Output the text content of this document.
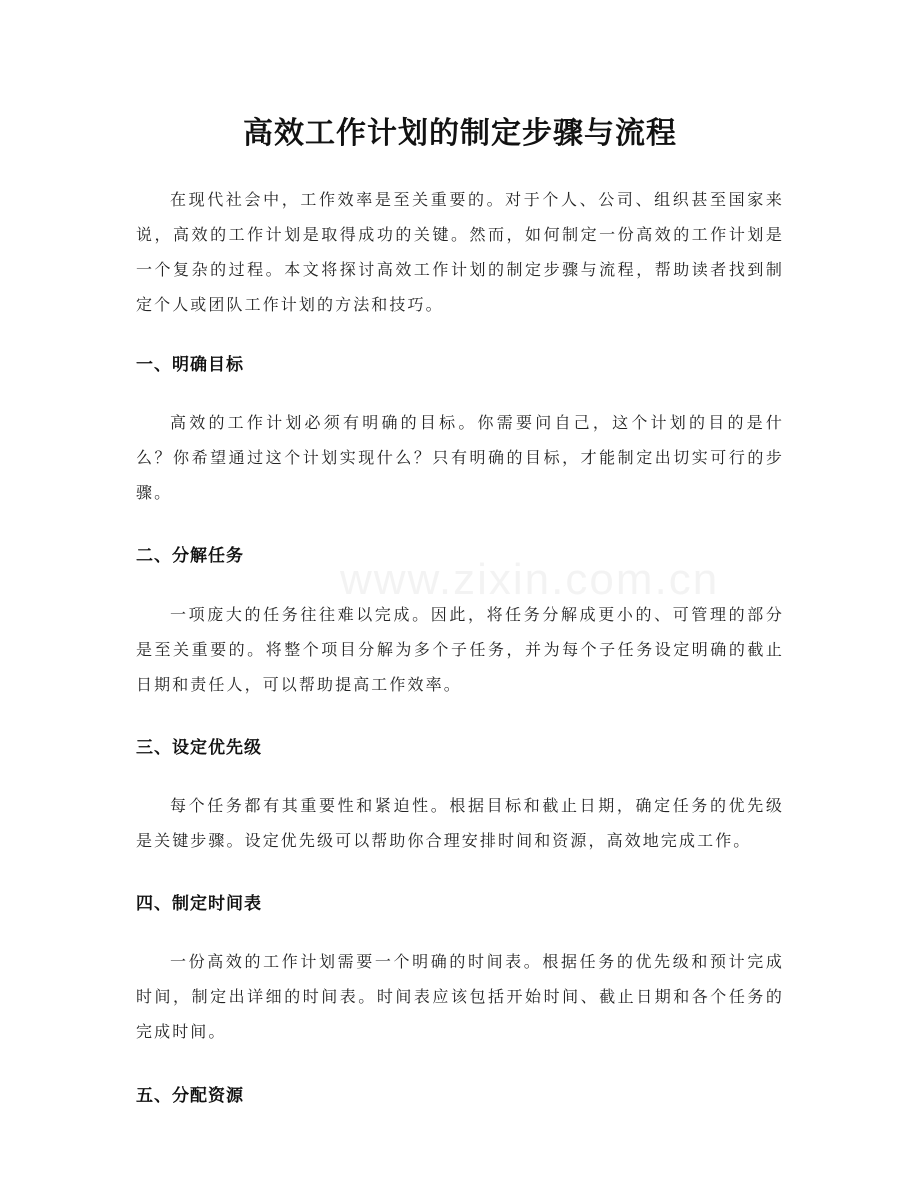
高效工作计划的制定步骤与流程

在现代社会中，工作效率是至关重要的。对于个人、公司、组织甚至国家来说，高效的工作计划是取得成功的关键。然而，如何制定一份高效的工作计划是一个复杂的过程。本文将探讨高效工作计划的制定步骤与流程，帮助读者找到制定个人或团队工作计划的方法和技巧。

一、明确目标

高效的工作计划必须有明确的目标。你需要问自己，这个计划的目的是什么？你希望通过这个计划实现什么？只有明确的目标，才能制定出切实可行的步骤。

二、分解任务

一项庞大的任务往往难以完成。因此，将任务分解成更小的、可管理的部分是至关重要的。将整个项目分解为多个子任务，并为每个子任务设定明确的截止日期和责任人，可以帮助提高工作效率。

三、设定优先级

每个任务都有其重要性和紧迫性。根据目标和截止日期，确定任务的优先级是关键步骤。设定优先级可以帮助你合理安排时间和资源，高效地完成工作。

四、制定时间表

一份高效的工作计划需要一个明确的时间表。根据任务的优先级和预计完成时间，制定出详细的时间表。时间表应该包括开始时间、截止日期和各个任务的完成时间。

五、分配资源
www.zixin.com.cn
